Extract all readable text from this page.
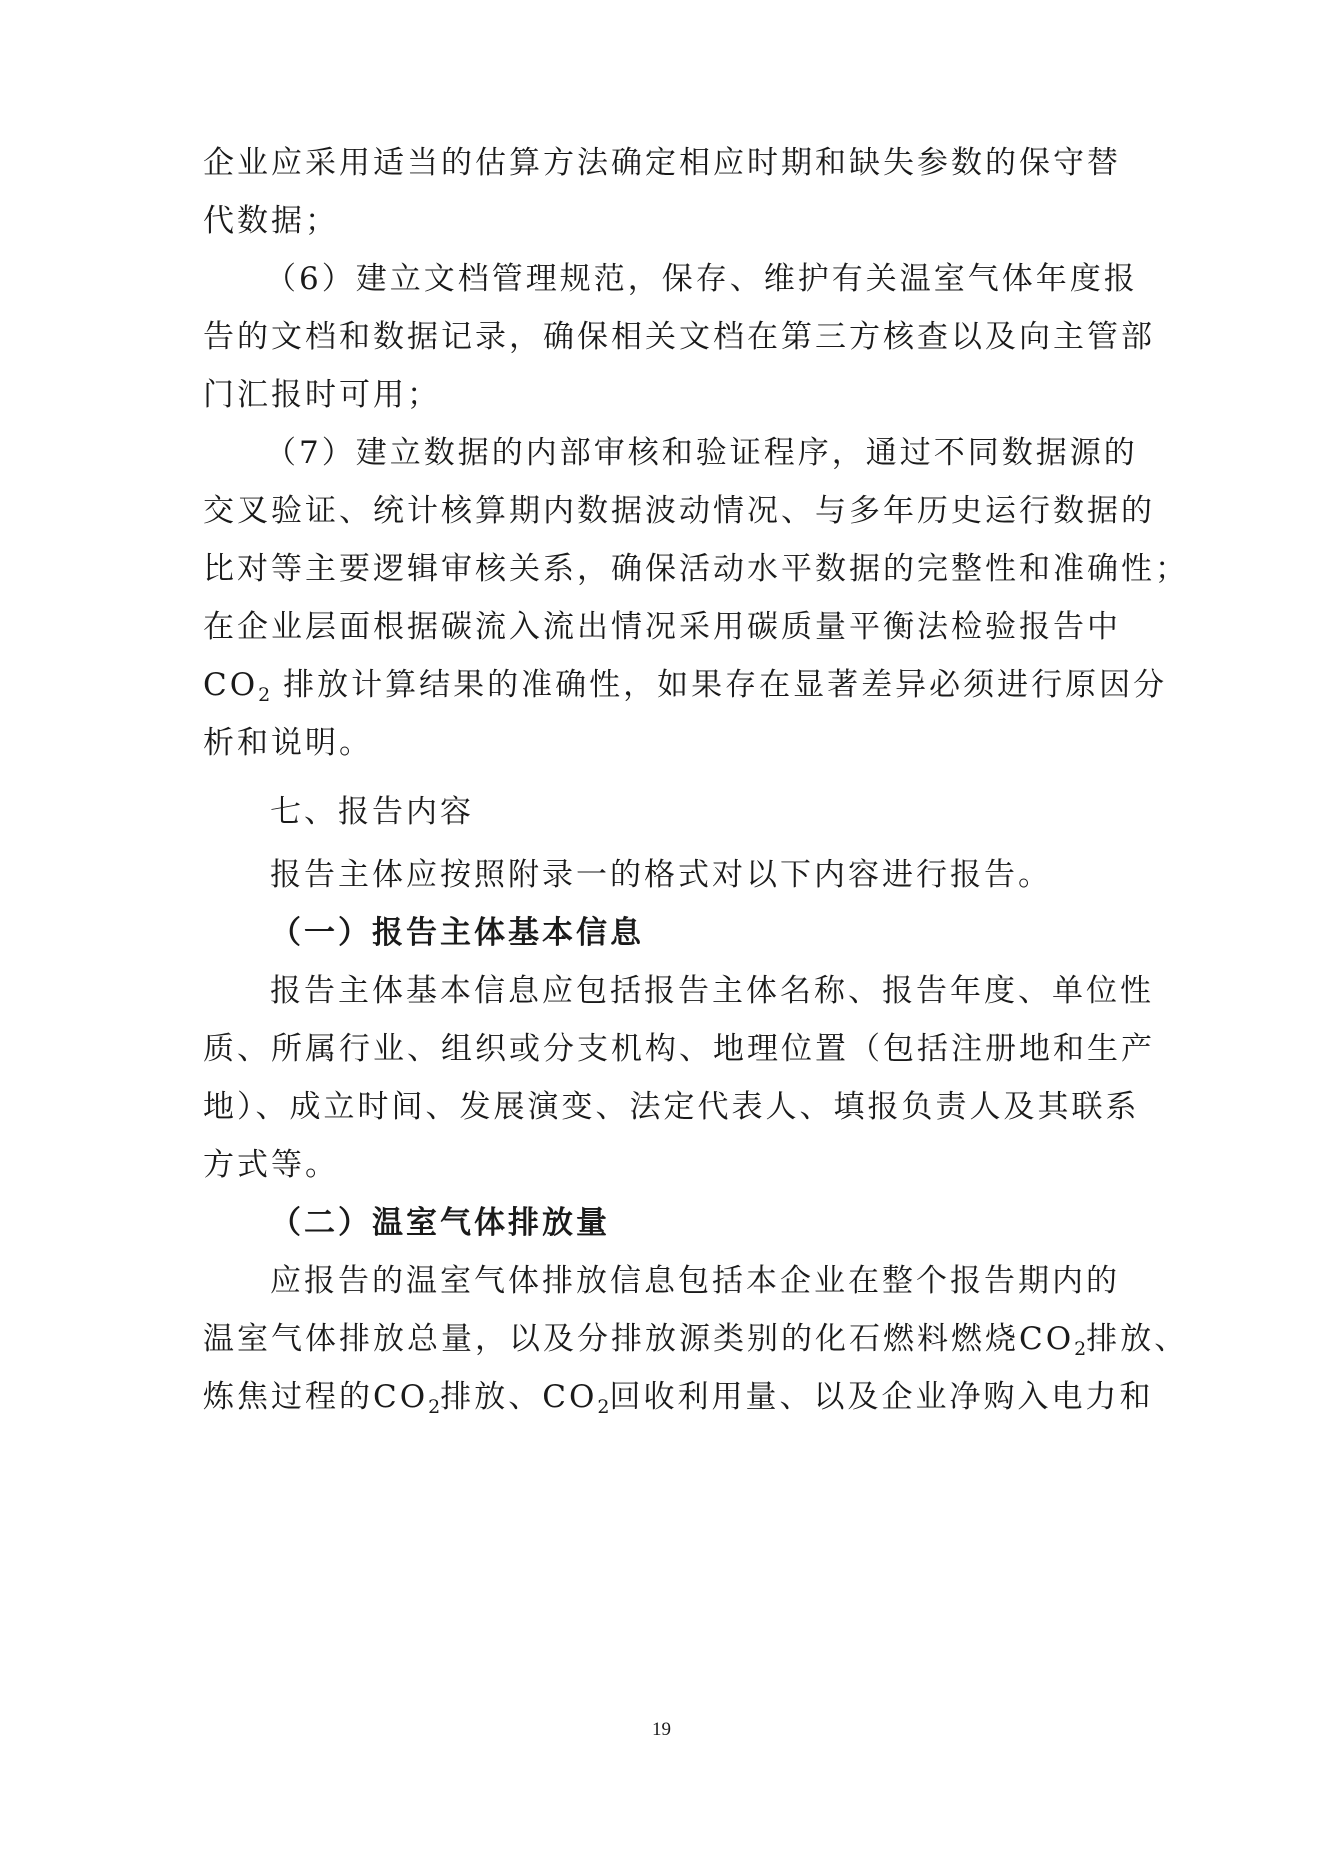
企业应采用适当的估算方法确定相应时期和缺失参数的保守替
代数据；
（6）建立文档管理规范，保存、维护有关温室气体年度报
告的文档和数据记录，确保相关文档在第三方核查以及向主管部
门汇报时可用；
（7）建立数据的内部审核和验证程序，通过不同数据源的
交叉验证、统计核算期内数据波动情况、与多年历史运行数据的
比对等主要逻辑审核关系，确保活动水平数据的完整性和准确性；
在企业层面根据碳流入流出情况采用碳质量平衡法检验报告中
$CO_2$ 排放计算结果的准确性，如果存在显著差异必须进行原因分
析和说明。
七、报告内容
报告主体应按照附录一的格式对以下内容进行报告。
（一）报告主体基本信息
报告主体基本信息应包括报告主体名称、报告年度、单位性
质、所属行业、组织或分支机构、地理位置（包括注册地和生产
地）、成立时间、发展演变、法定代表人、填报负责人及其联系
方式等。
（二）温室气体排放量
应报告的温室气体排放信息包括本企业在整个报告期内的
温室气体排放总量，以及分排放源类别的化石燃料燃烧$CO_2$排放、
炼焦过程的$CO_2$排放、$CO_2$回收利用量、以及企业净购入电力和
19
